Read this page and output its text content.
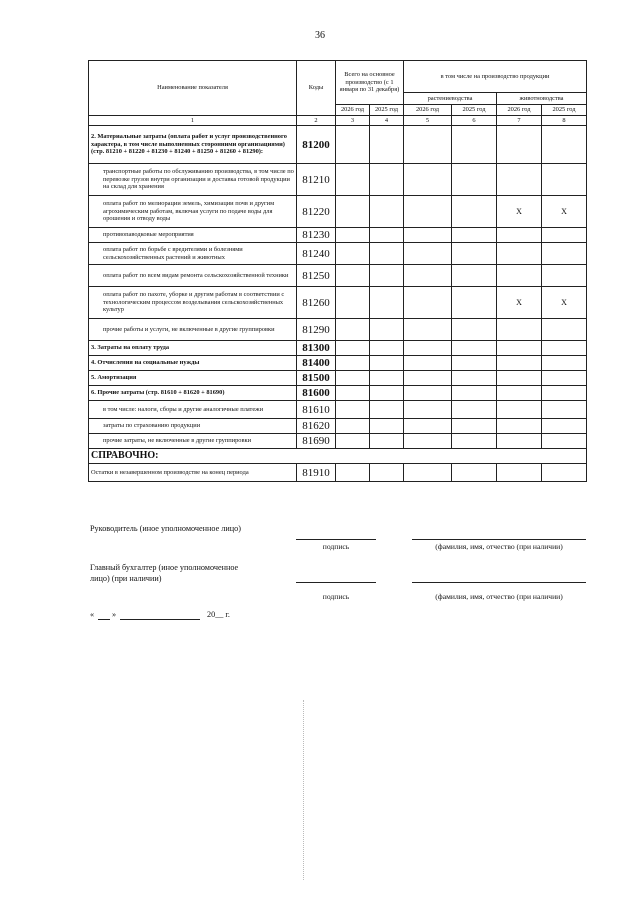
36
Наименование показателя	Коды	Всего на основное производство (с 1 января по 31 декабря)		в том числе на производство продукции			
				растениеводства		животноводства	
		2026 год	2025 год	2026 год	2025 год	2026 год	2025 год
1	2	3	4	5	6	7	8
2. Материальные затраты (оплата работ и услуг производственного характера, в том числе выполненных сторонними организациями) (стр. 81210 + 81220 + 81230 + 81240 + 81250 + 81260 + 81290):	81200						
транспортные работы по обслуживанию производства, в том числе по перевозке грузов внутри организации и доставка готовой продукции на склад для хранения	81210						
оплата работ по мелиорации земель, химизации почв и другим агрохимическим работам, включая услуги по подаче воды для орошения и отводу воды	81220					X	X
противопаводковые мероприятия	81230						
оплата работ по борьбе с вредителями и болезнями сельскохозяйственных растений и животных	81240						
оплата работ по всем видам ремонта сельскохозяйственной техники	81250						
оплата работ по пахоте, уборке и другим работам в соответствии с технологическим процессом возделывания сельскохозяйственных культур	81260					X	X
прочие работы и услуги, не включенные в другие группировки	81290						
3. Затраты на оплату труда	81300						
4. Отчисления на социальные нужды	81400						
5. Амортизация	81500						
6. Прочие затраты (стр. 81610 + 81620 + 81690)	81600						
в том числе: налоги, сборы и другие аналогичные платежи	81610						
затраты по страхованию продукции	81620						
прочие затраты, не включенные в другие группировки	81690						
СПРАВОЧНО:							
Остатки в незавершенном производстве на конец периода	81910						
Руководитель (иное уполномоченное лицо)
подпись	(фамилия, имя, отчество (при наличии)
Главный бухгалтер (иное уполномоченное
лицо) (при наличии)
подпись	(фамилия, имя, отчество (при наличии)
« »	20__ г.
